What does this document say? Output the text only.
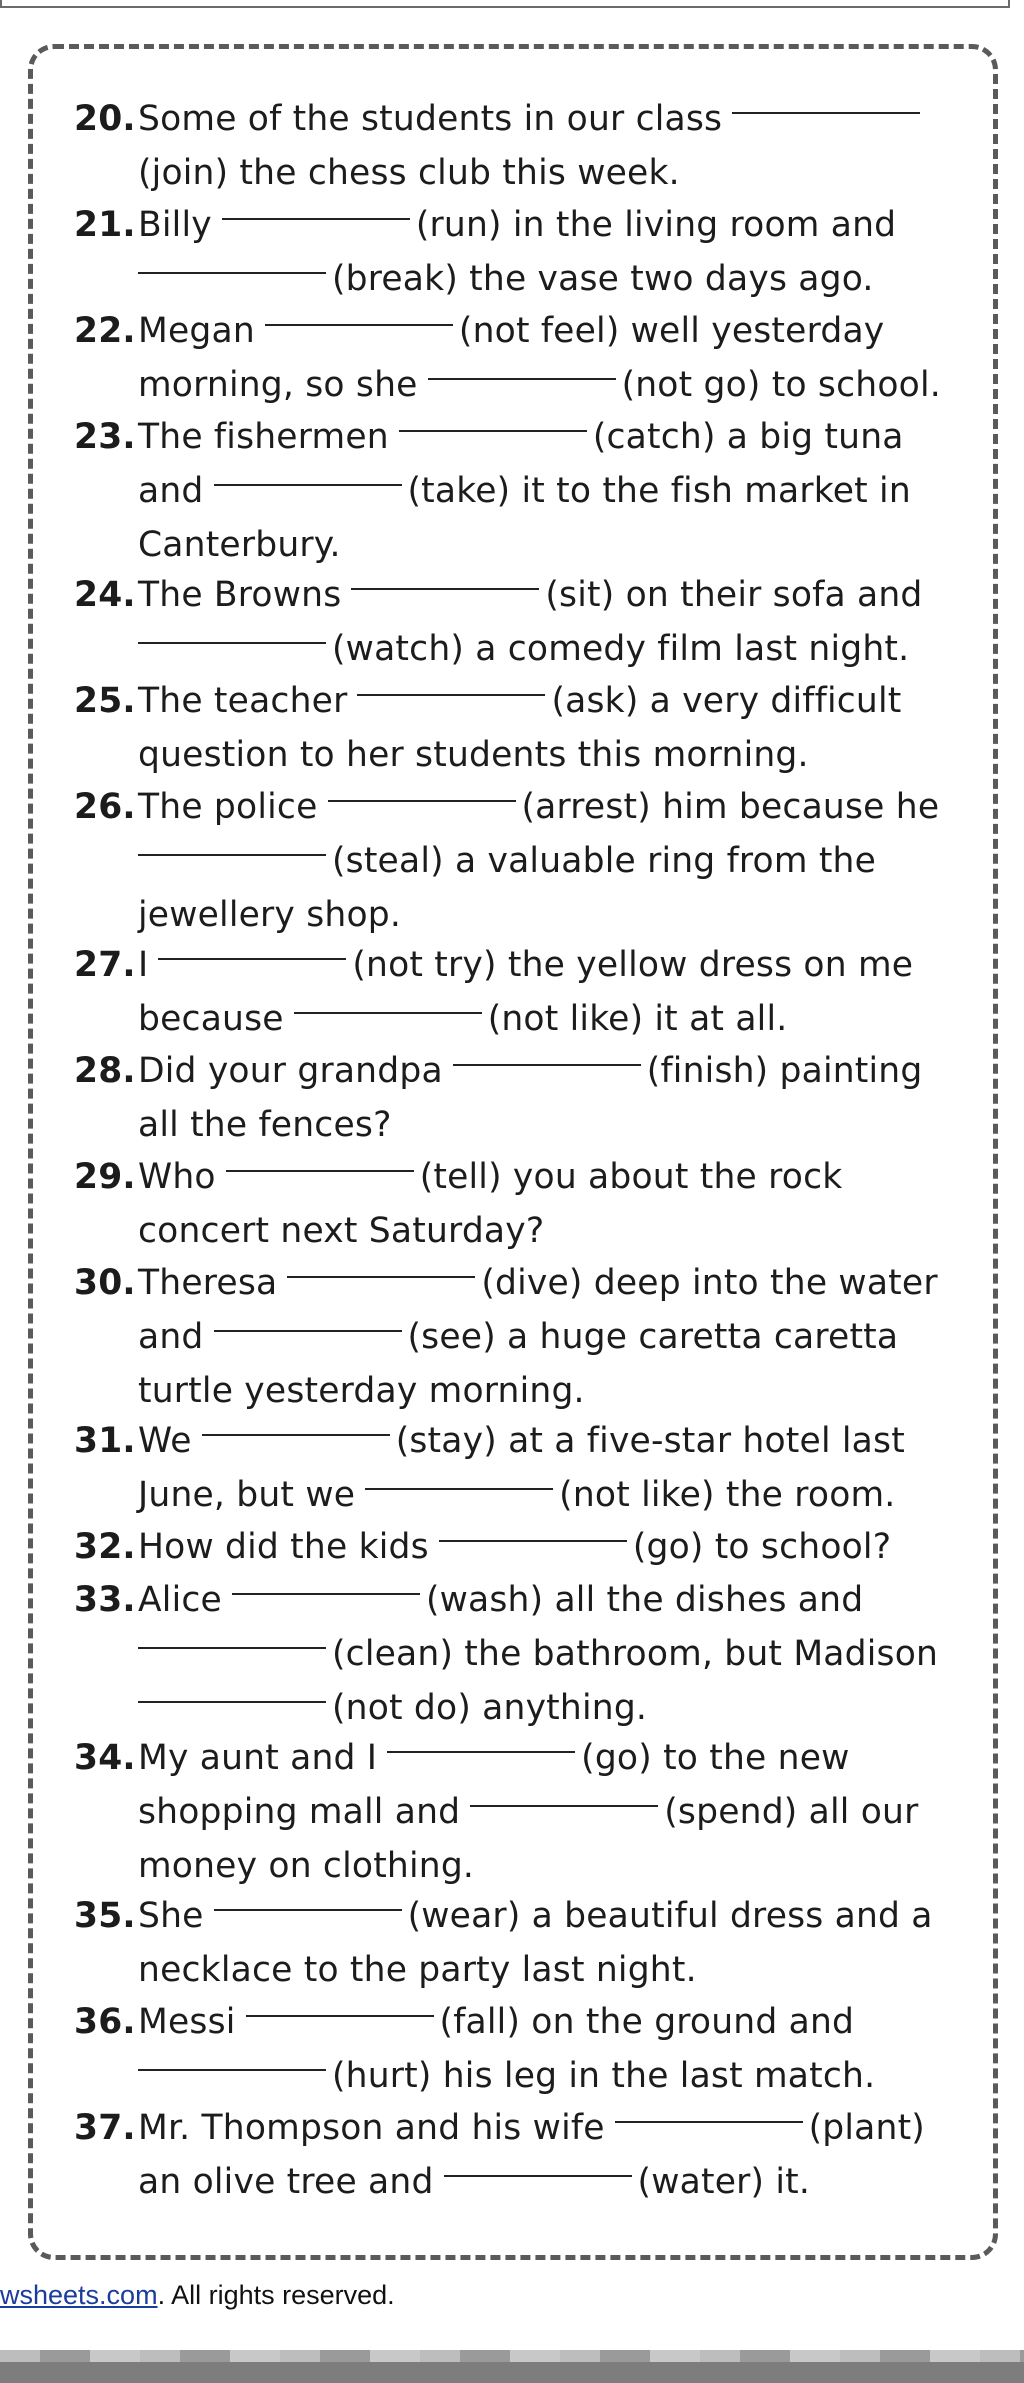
20.Some of the students in our class
(join) the chess club this week.
21.Billy	(run) in the living room and
(break) the vase two days ago.
22.Megan	(not feel) well yesterday
morning, so she	(not go) to school.
23.The fishermen	(catch) a big tuna
and	(take) it to the fish market in
Canterbury.
24.The Browns	(sit) on their sofa and
(watch) a comedy film last night.
25.The teacher	(ask) a very difficult
question to her students this morning.
26.The police	(arrest) him because he
(steal) a valuable ring from the
jewellery shop.
27.I	(not try) the yellow dress on me
because	(not like) it at all.
28.Did your grandpa	(finish) painting
all the fences?
29.Who	(tell) you about the rock
concert next Saturday?
30.Theresa	(dive) deep into the water
and	(see) a huge caretta caretta
turtle yesterday morning.
31.We	(stay) at a five-star hotel last
June, but we	(not like) the room.
32.How did the kids	(go) to school?
33.Alice	(wash) all the dishes and
(clean) the bathroom, but Madison
(not do) anything.
34.My aunt and I	(go) to the new
shopping mall and	(spend) all our
money on clothing.
35.She	(wear) a beautiful dress and a
necklace to the party last night.
36.Messi	(fall) on the ground and
(hurt) his leg in the last match.
37.Mr. Thompson and his wife	(plant)
an olive tree and	(water) it.
wsheets.com. All rights reserved.
